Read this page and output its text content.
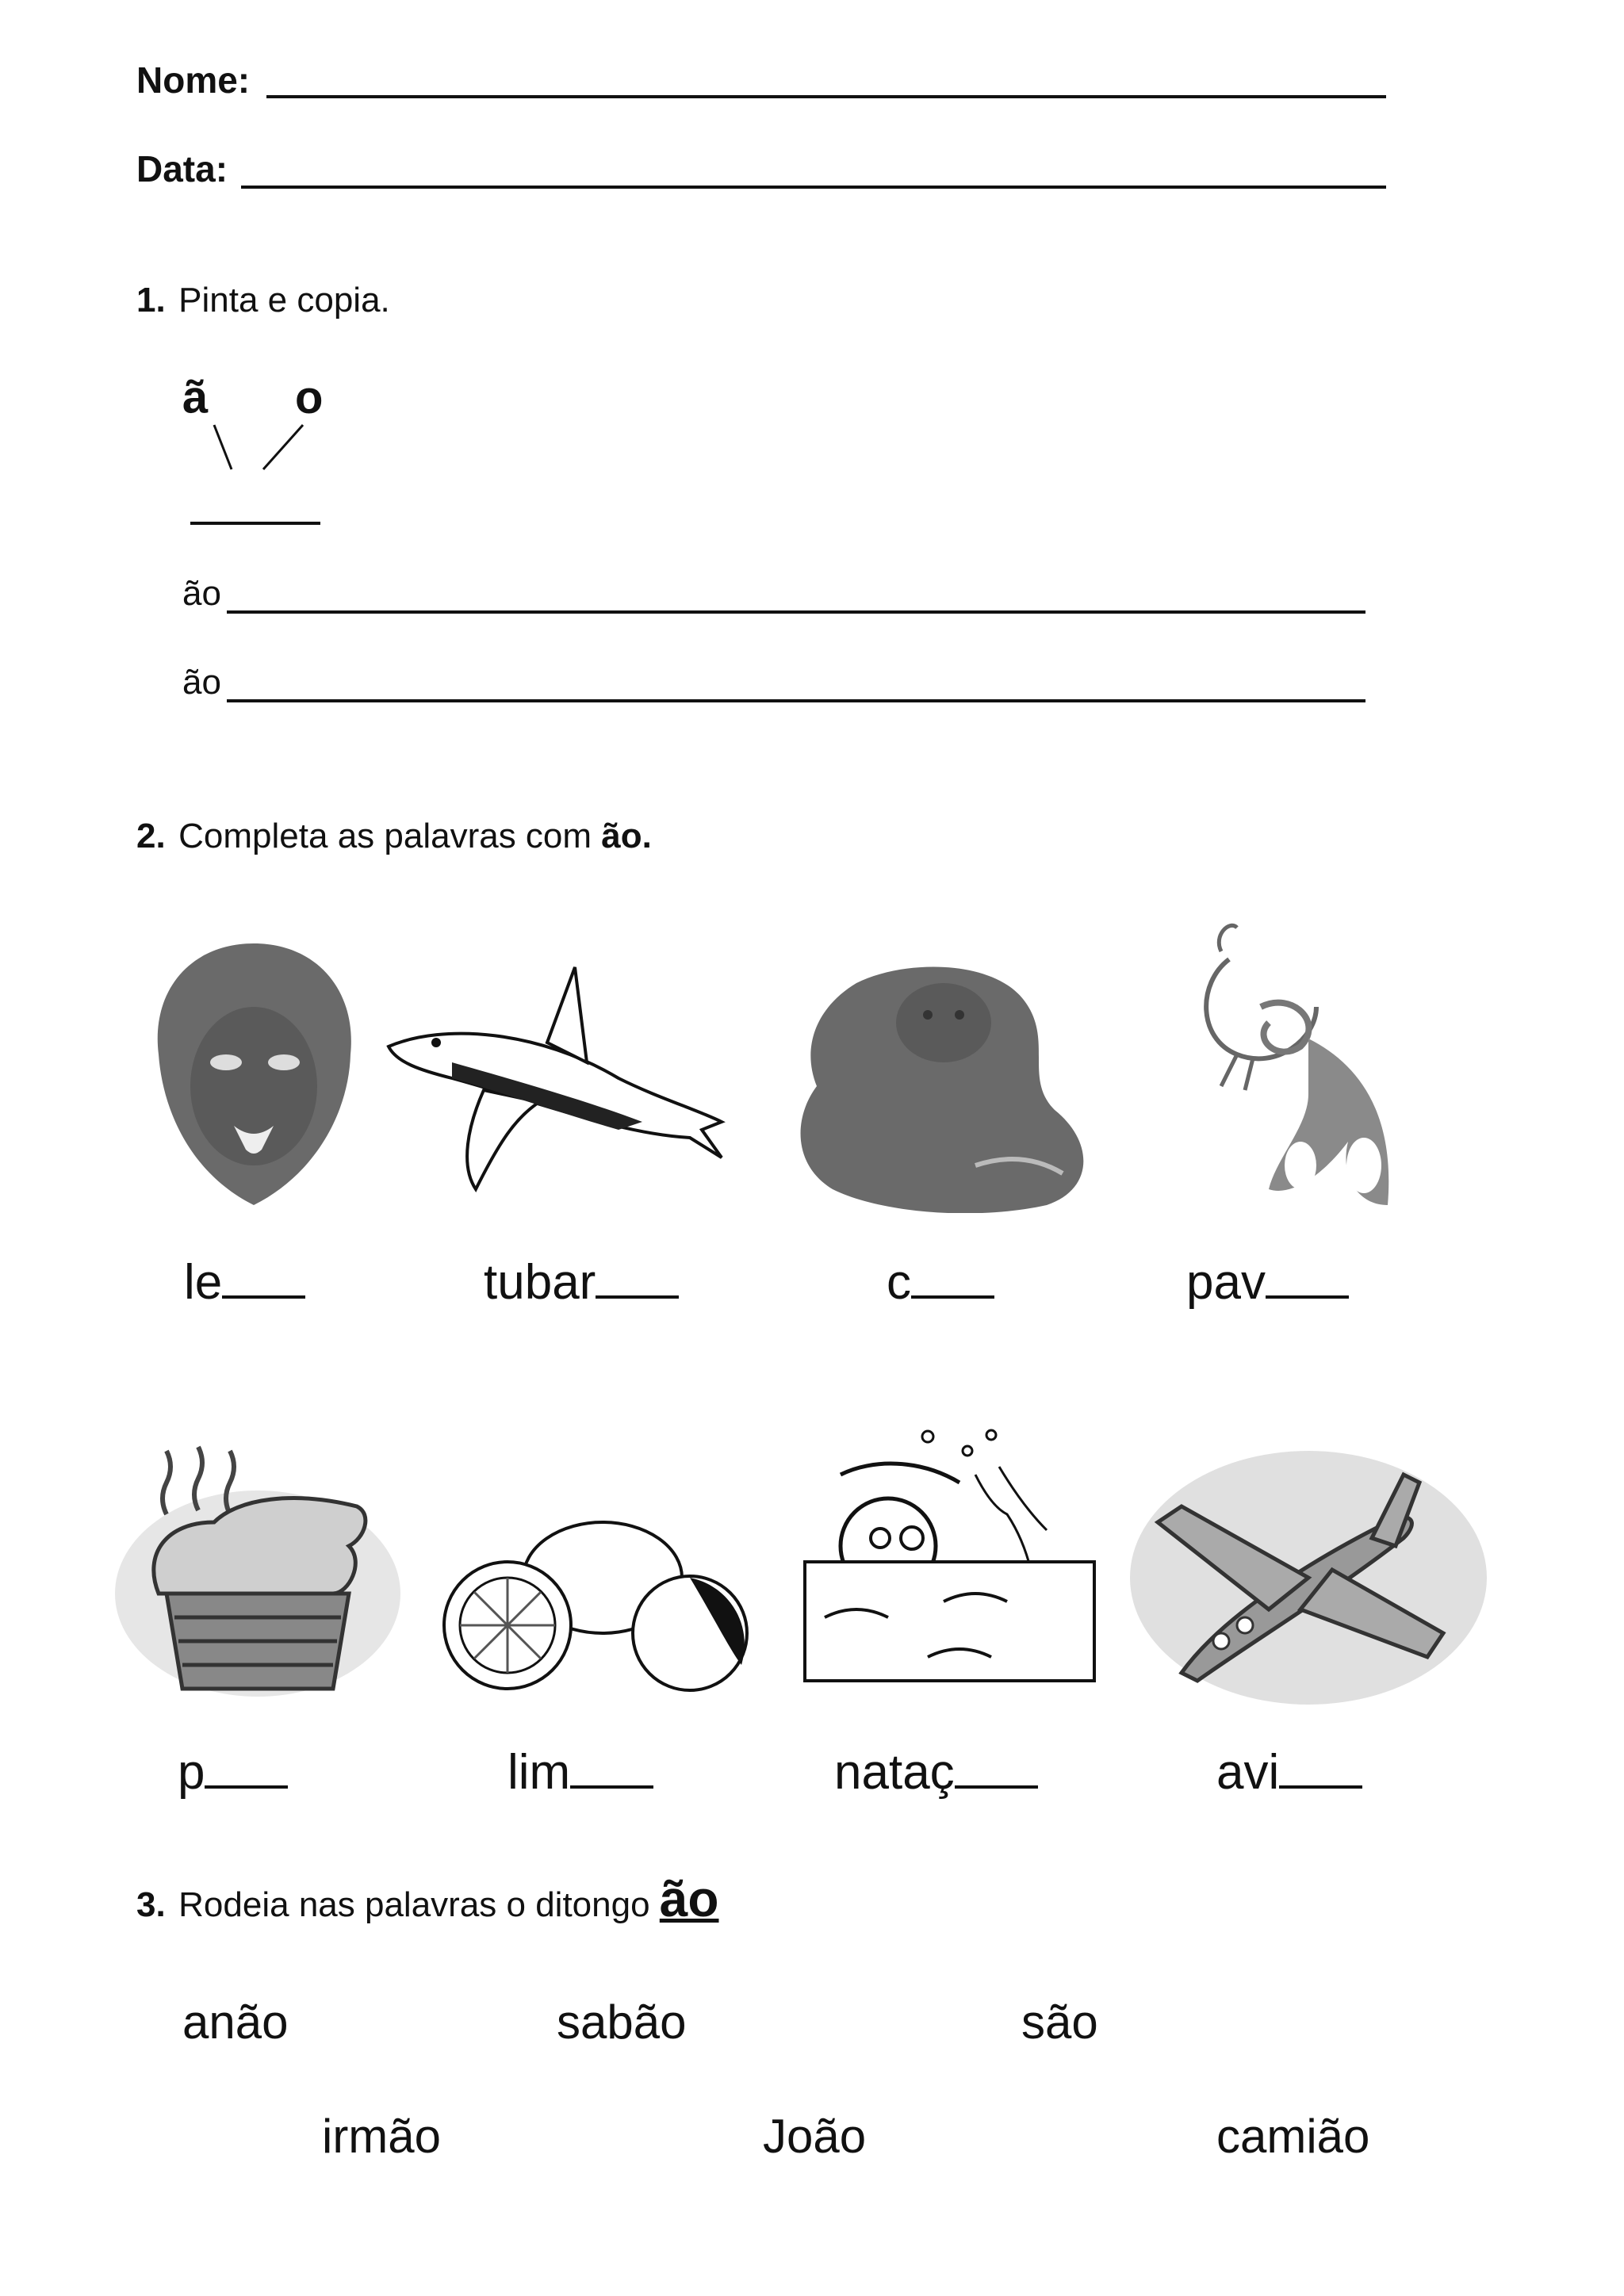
Nome:
Data:
1. Pinta e copia.
ã o
ão
ão
2. Completa as palavras com ão.
le	tubar	c	pav
p	lim	nataç	avi
3. Rodeia nas palavras o ditongo ão
anão	sabão	são
irmão	João	camião
